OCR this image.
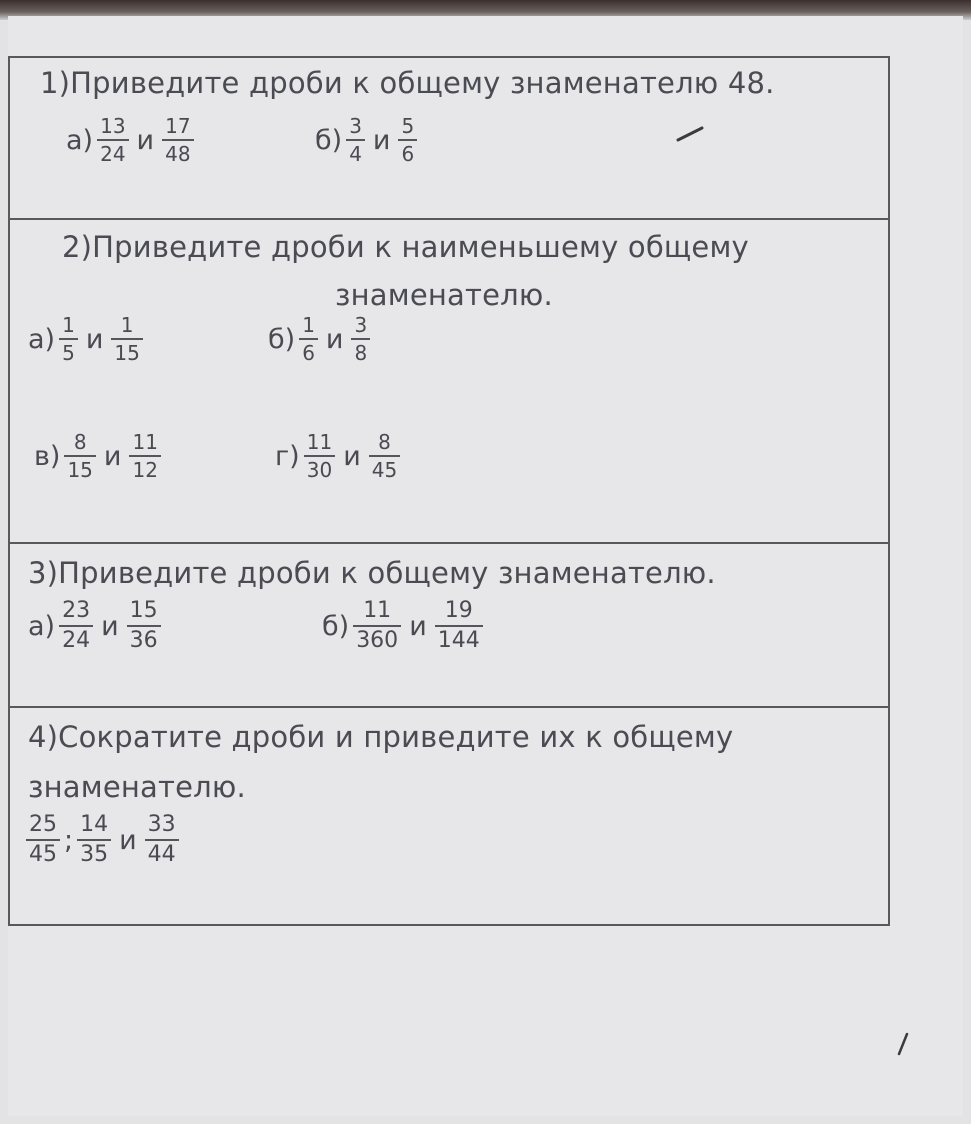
1)Приведите дроби к общему знаменателю 48.
$а) \frac{13}{24}$ и $\frac{17}{48}$	$б) \frac{3}{4}$ и $\frac{5}{6}$
2)Приведите дроби к наименьшему общему
знаменателю.
$а) \frac{1}{5}$ и $\frac{1}{15}$	$б) \frac{1}{6}$ и $\frac{3}{8}$
$в) \frac{8}{15}$ и $\frac{11}{12}$	$г) \frac{11}{30}$ и $\frac{8}{45}$
3)Приведите дроби к общему знаменателю.
$а) \frac{23}{24}$ и $\frac{15}{36}$	$б) \frac{11}{360}$ и $\frac{19}{144}$
4)Сократите дроби и приведите их к общему
знаменателю.
$\frac{25}{45}$ ; $\frac{14}{35}$ и $\frac{33}{44}$
